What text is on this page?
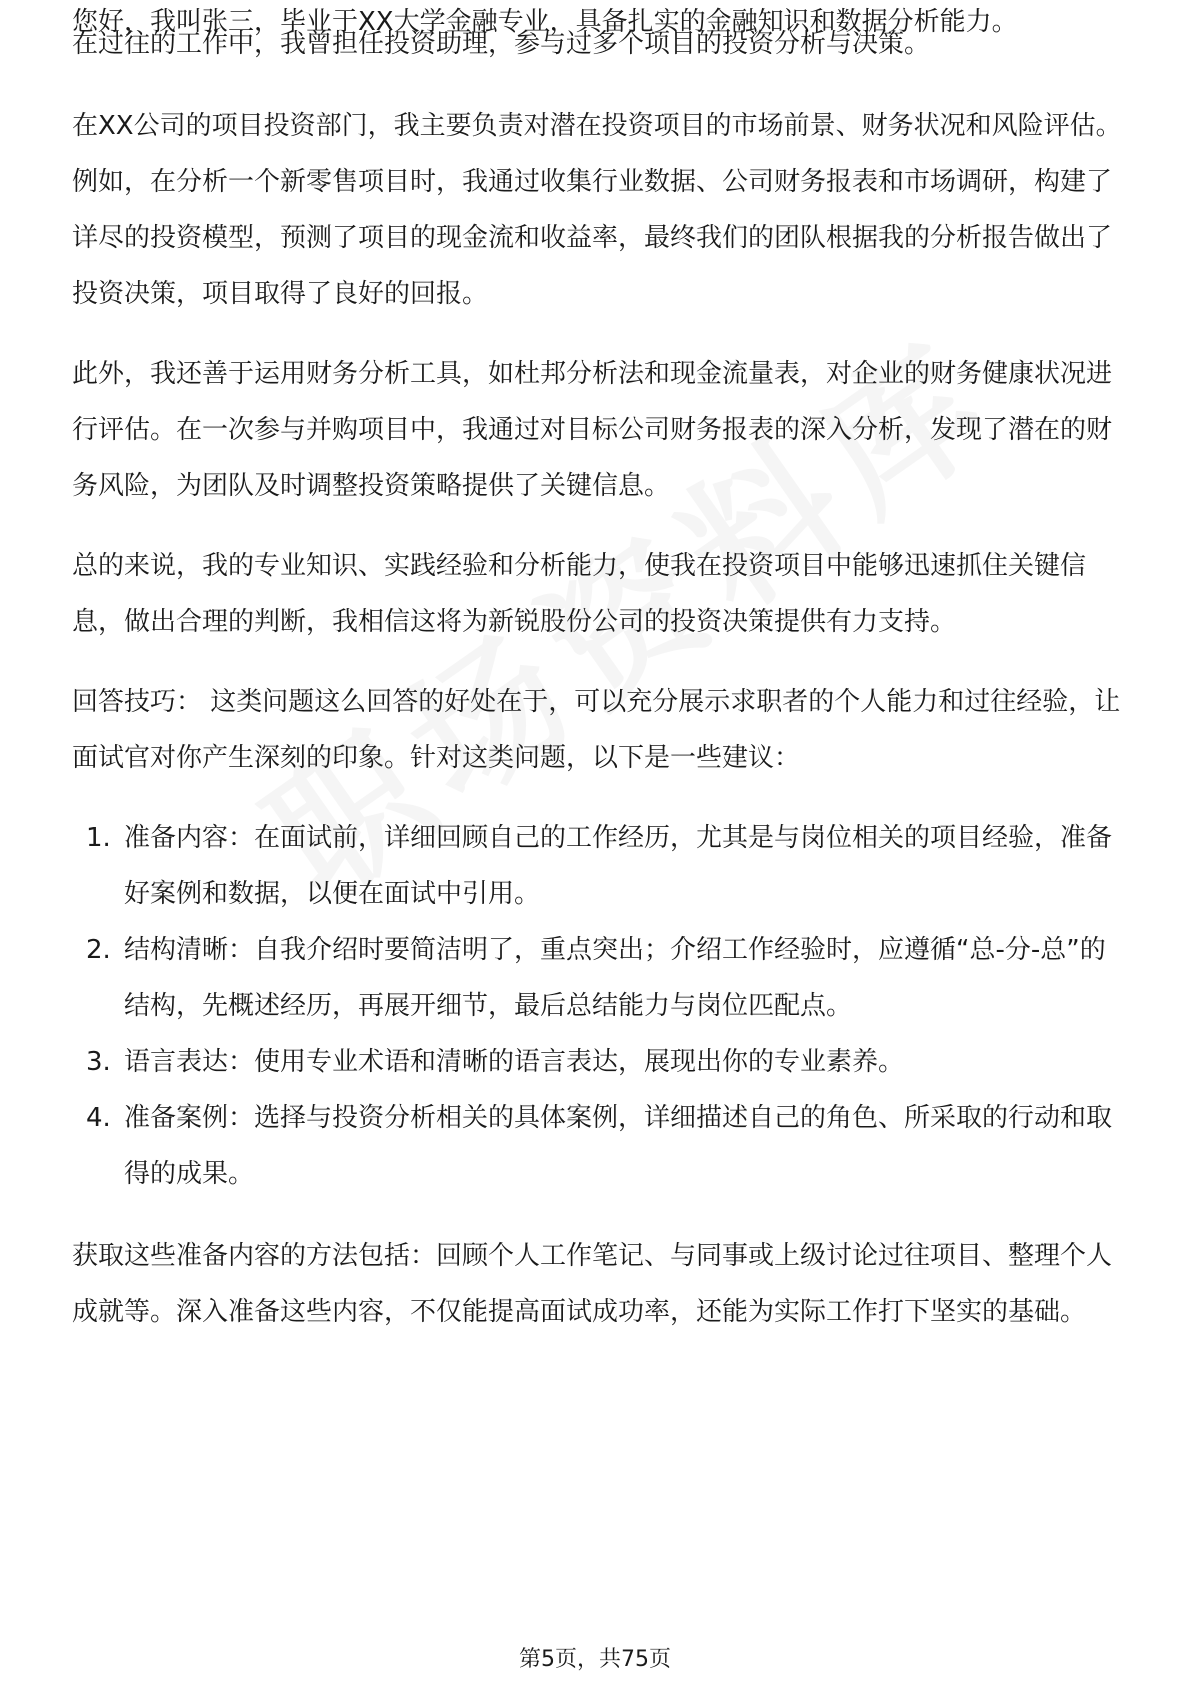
您好，我叫张三，毕业于XX大学金融专业，具备扎实的金融知识和数据分析能力。

在过往的工作中，我曾担任投资助理，参与过多个项目的投资分析与决策。

在XX公司的项目投资部门，我主要负责对潜在投资项目的市场前景、财务状况和风险评估。例如，在分析一个新零售项目时，我通过收集行业数据、公司财务报表和市场调研，构建了详尽的投资模型，预测了项目的现金流和收益率，最终我们的团队根据我的分析报告做出了投资决策，项目取得了良好的回报。

此外，我还善于运用财务分析工具，如杜邦分析法和现金流量表，对企业的财务健康状况进行评估。在一次参与并购项目中，我通过对目标公司财务报表的深入分析，发现了潜在的财务风险，为团队及时调整投资策略提供了关键信息。

总的来说，我的专业知识、实践经验和分析能力，使我在投资项目中能够迅速抓住关键信息，做出合理的判断，我相信这将为新锐股份公司的投资决策提供有力支持。

回答技巧： 这类问题这么回答的好处在于，可以充分展示求职者的个人能力和过往经验，让面试官对你产生深刻的印象。针对这类问题，以下是一些建议：

1. 准备内容：在面试前，详细回顾自己的工作经历，尤其是与岗位相关的项目经验，准备好案例和数据，以便在面试中引用。
2. 结构清晰：自我介绍时要简洁明了，重点突出；介绍工作经验时，应遵循“总-分-总”的结构，先概述经历，再展开细节，最后总结能力与岗位匹配点。
3. 语言表达：使用专业术语和清晰的语言表达，展现出你的专业素养。
4. 准备案例：选择与投资分析相关的具体案例，详细描述自己的角色、所采取的行动和取得的成果。

获取这些准备内容的方法包括：回顾个人工作笔记、与同事或上级讨论过往项目、整理个人成就等。深入准备这些内容，不仅能提高面试成功率，还能为实际工作打下坚实的基础。

第5页，共75页
